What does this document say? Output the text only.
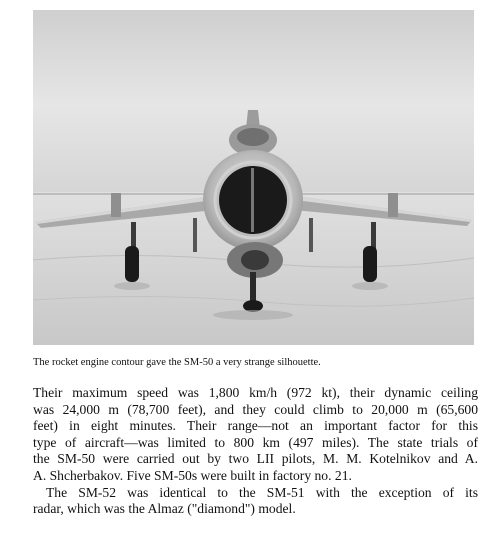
The rocket engine contour gave the SM-50 a very strange silhouette.

Their maximum speed was 1,800 km/h (972 kt), their dynamic ceiling
was 24,000 m (78,700 feet), and they could climb to 20,000 m (65,600
feet) in eight minutes. Their range—not an important factor for this
type of aircraft—was limited to 800 km (497 miles). The state trials of
the SM-50 were carried out by two LII pilots, M. M. Kotelnikov and A.
A. Shcherbakov. Five SM-50s were built in factory no. 21.

The SM-52 was identical to the SM-51 with the exception of its
radar, which was the Almaz ("diamond") model.
